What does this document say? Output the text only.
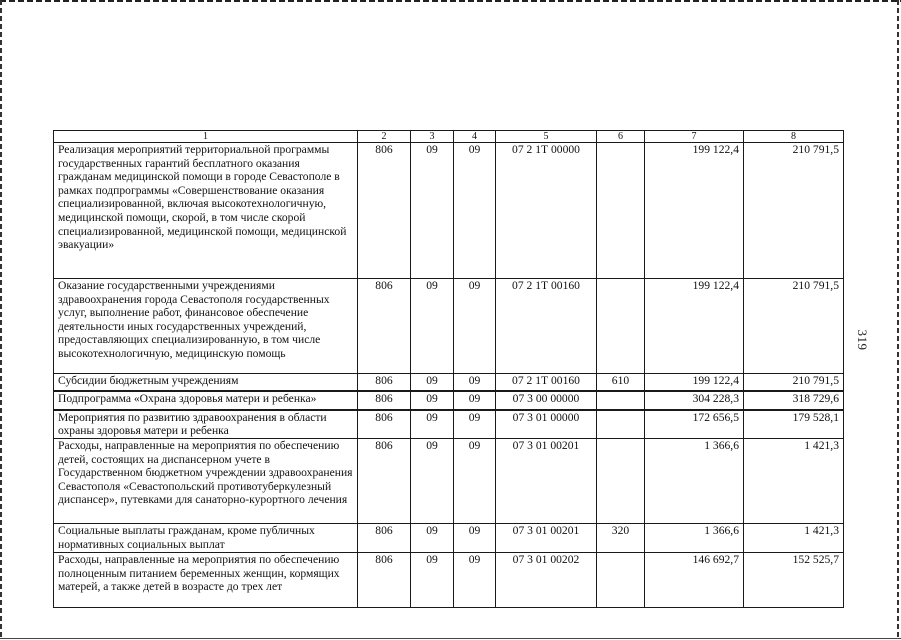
319
1	2	3	4	5	6	7	8
Реализация мероприятий территориальной программы государственных гарантий бесплатного оказания гражданам медицинской помощи в городе Севастополе в рамках подпрограммы «Совершенствование оказания специализированной, включая высокотехнологичную, медицинской помощи, скорой, в том числе скорой специализированной, медицинской помощи, медицинской эвакуации»	806	09	09	07 2 1Т 00000		199 122,4	210 791,5
Оказание государственными учреждениями здравоохранения города Севастополя государственных услуг, выполнение работ, финансовое обеспечение деятельности иных государственных учреждений, предоставляющих специализированную, в том числе высокотехнологичную, медицинскую помощь	806	09	09	07 2 1Т 00160		199 122,4	210 791,5
Субсидии бюджетным учреждениям	806	09	09	07 2 1Т 00160	610	199 122,4	210 791,5
Подпрограмма «Охрана здоровья матери и ребенка»	806	09	09	07 3 00 00000		304 228,3	318 729,6
Мероприятия по развитию здравоохранения в области охраны здоровья матери и ребенка	806	09	09	07 3 01 00000		172 656,5	179 528,1
Расходы, направленные на мероприятия по обеспечению детей, состоящих на диспансерном учете в Государственном бюджетном учреждении здравоохранения Севастополя «Севастопольский противотуберкулезный диспансер», путевками для санаторно-курортного лечения	806	09	09	07 3 01 00201		1 366,6	1 421,3
Социальные выплаты гражданам, кроме публичных нормативных социальных выплат	806	09	09	07 3 01 00201	320	1 366,6	1 421,3
Расходы, направленные на мероприятия по обеспечению полноценным питанием беременных женщин, кормящих матерей, а также детей в возрасте до трех лет	806	09	09	07 3 01 00202		146 692,7	152 525,7
